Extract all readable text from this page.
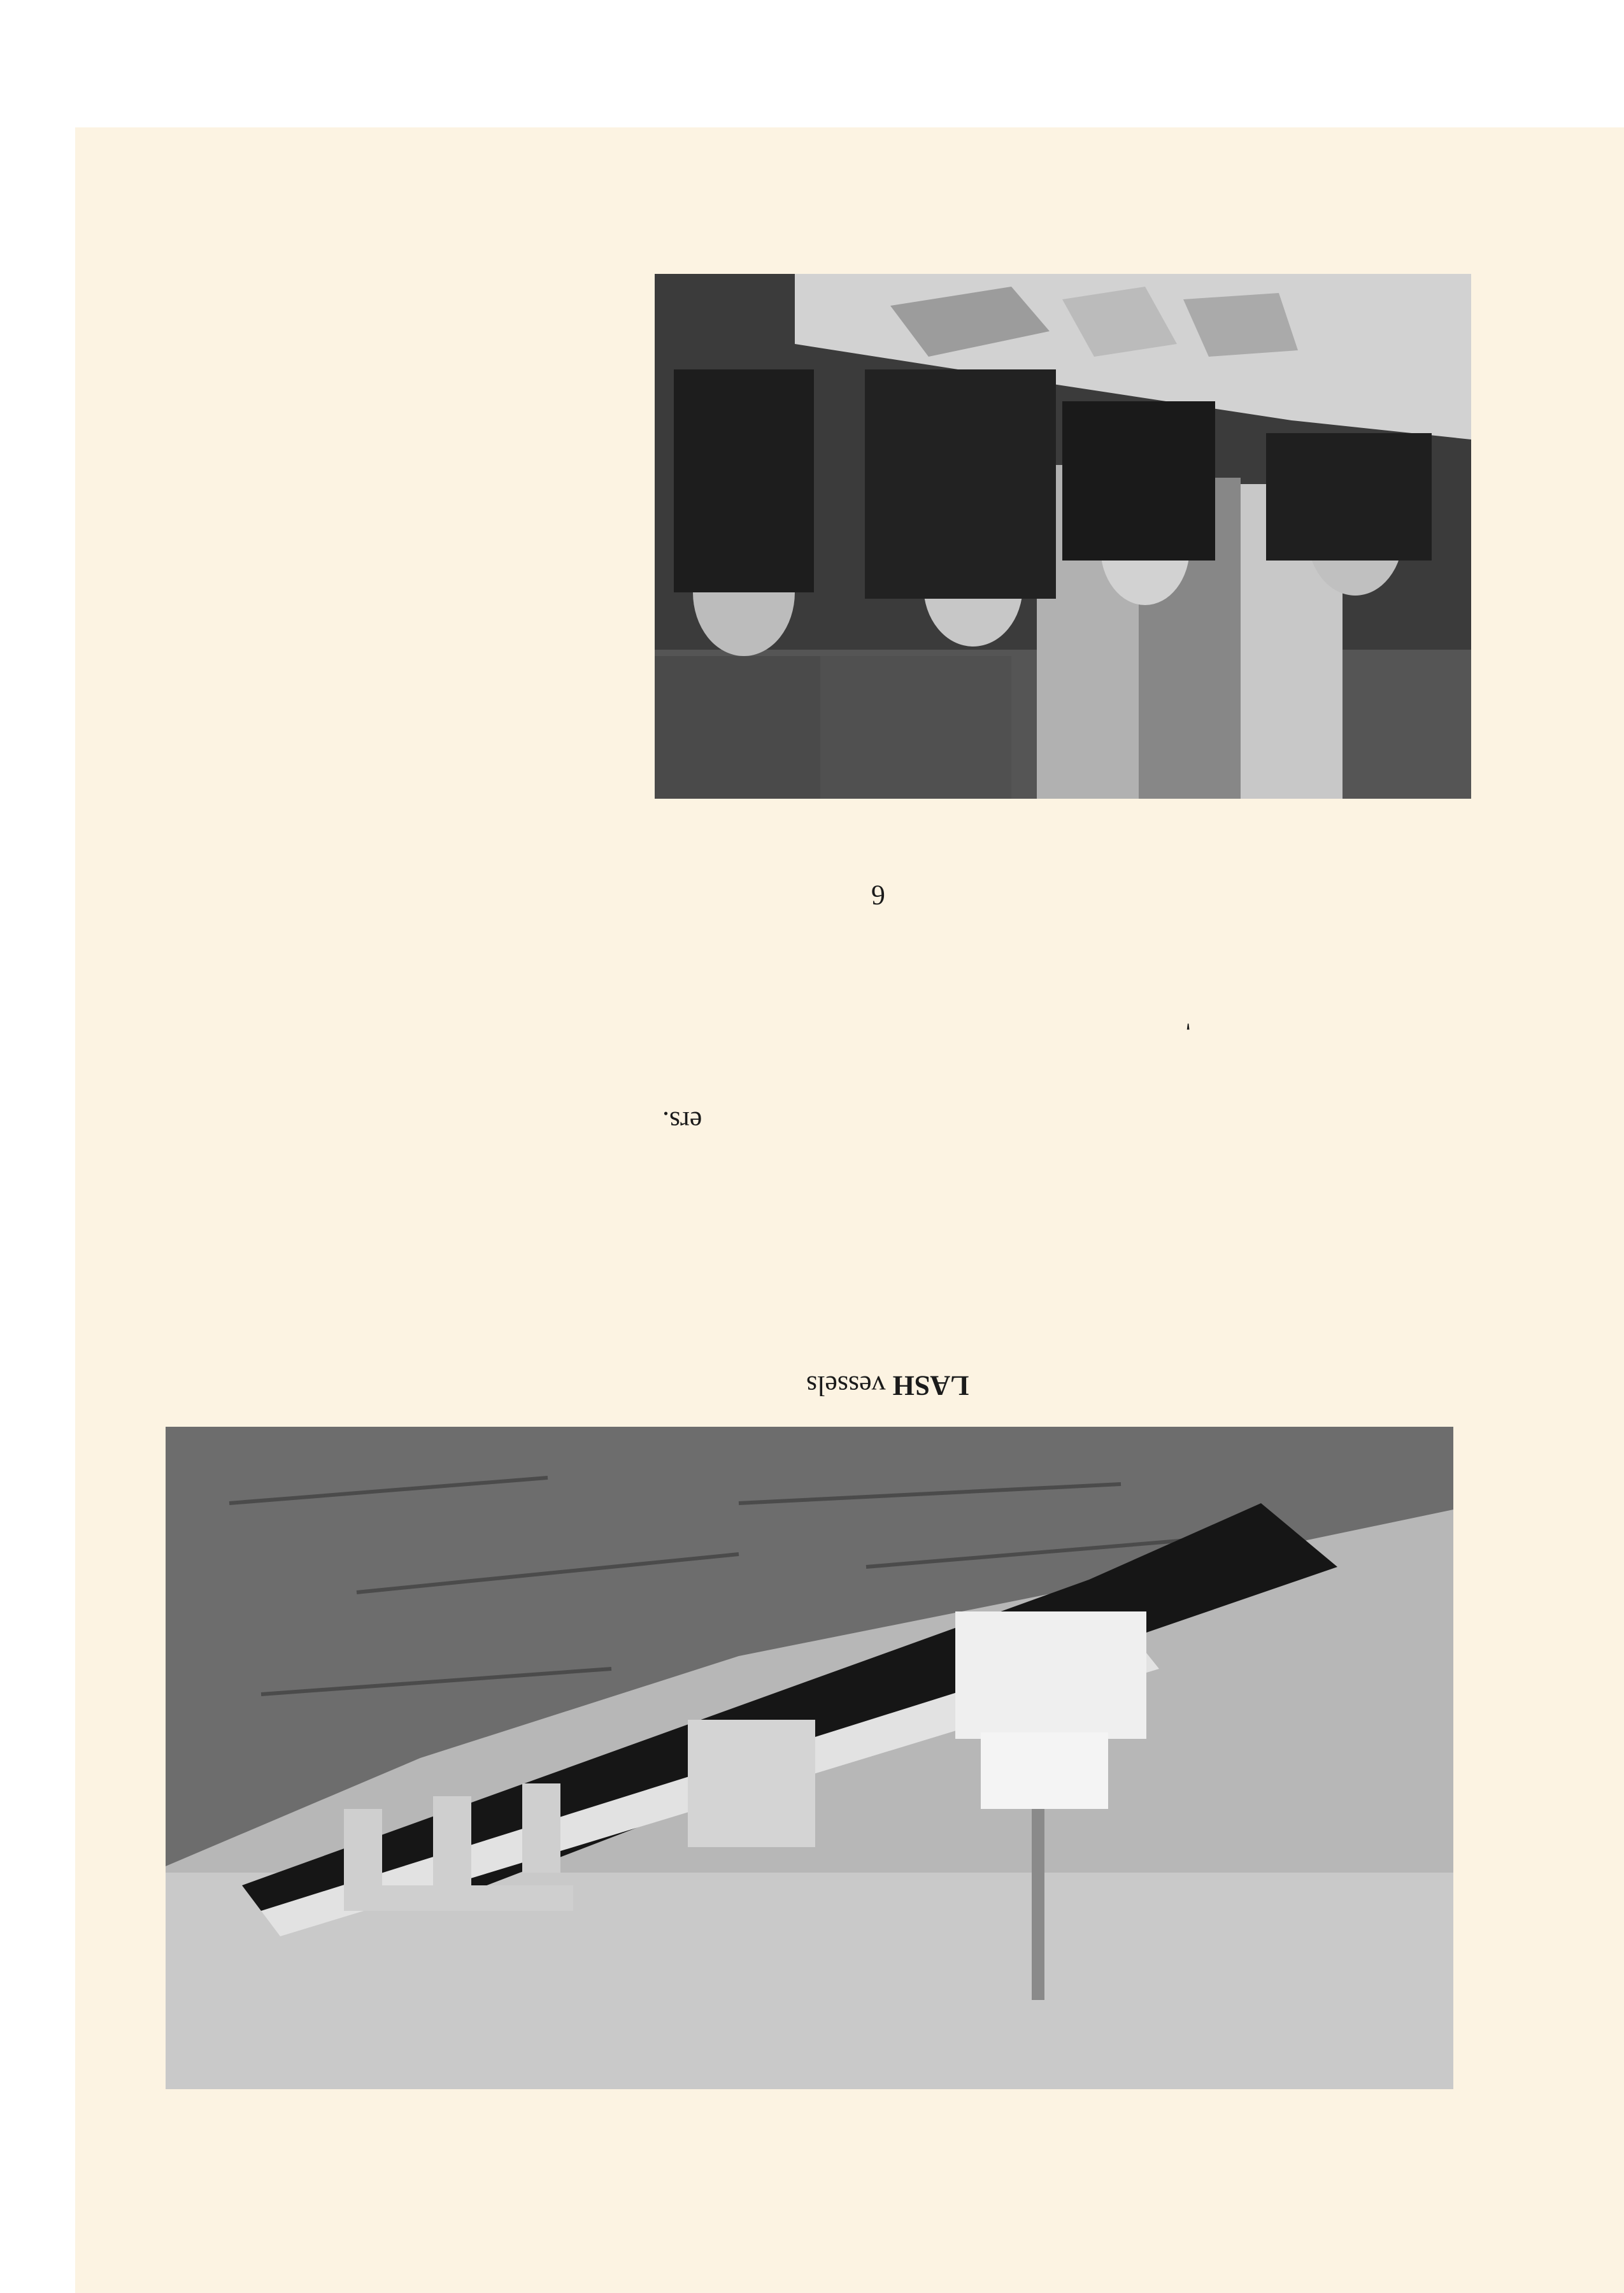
6
'
ers.
LASH vessels
